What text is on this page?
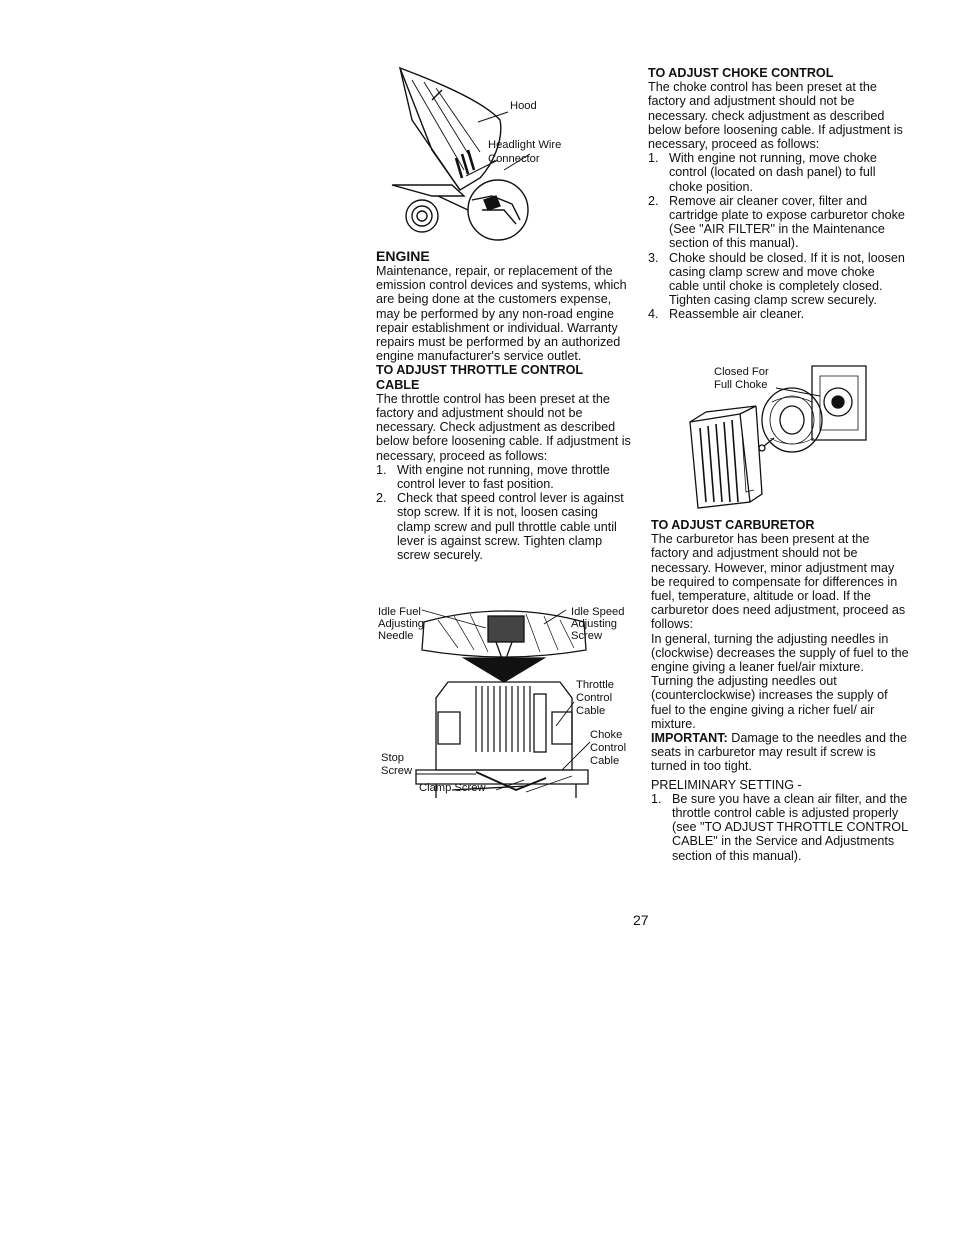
Hood
Headlight Wire
Connector

ENGINE

Maintenance, repair, or replacement of the emission control devices and systems, which are being done at the customers expense, may be performed by any non-road engine repair establishment or individual. Warranty repairs must be performed by an authorized engine manufacturer's service outlet.

TO ADJUST THROTTLE CONTROL

CABLE

The throttle control has been preset at the factory and adjustment should not be necessary. Check adjustment as described below before loosening cable. If adjustment is necessary, proceed as follows:

1. With engine not running, move throttle control lever to fast position.
2. Check that speed control lever is against stop screw. If it is not, loosen casing clamp screw and pull throttle cable until lever is against screw. Tighten clamp screw securely.
Idle Fuel
Adjusting
Needle
Idle Speed
Adjusting
Screw
Throttle
Control
Cable
Choke
Control
Cable
Stop
Screw
Clamp Screw

TO ADJUST CHOKE CONTROL

The choke control has been preset at the factory and adjustment should not be necessary. check adjustment as described below before loosening cable. If adjustment is necessary, proceed as follows:

1. With engine not running, move choke control (located on dash panel) to full choke position.
2. Remove air cleaner cover, filter and cartridge plate to expose carburetor choke (See "AIR FILTER" in the Maintenance section of this manual).
3. Choke should be closed. If it is not, loosen casing clamp screw and move choke cable until choke is completely closed. Tighten casing clamp screw securely.
4. Reassemble air cleaner.
Closed For
Full Choke

TO ADJUST CARBURETOR

The carburetor has been present at the factory and adjustment should not be necessary. However, minor adjustment may be required to compensate for differences in fuel, temperature, altitude or load. If the carburetor does need adjustment, proceed as follows:

In general, turning the adjusting needles in (clockwise) decreases the supply of fuel to the engine giving a leaner fuel/air mixture. Turning the adjusting needles out (counterclockwise) increases the supply of fuel to the engine giving a richer fuel/ air mixture.

IMPORTANT: Damage to the needles and the seats in carburetor may result if screw is turned in too tight.

PRELIMINARY SETTING -

1. Be sure you have a clean air filter, and the throttle control cable is adjusted properly (see "TO ADJUST THROTTLE CONTROL CABLE" in the Service and Adjustments section of this manual).
27
